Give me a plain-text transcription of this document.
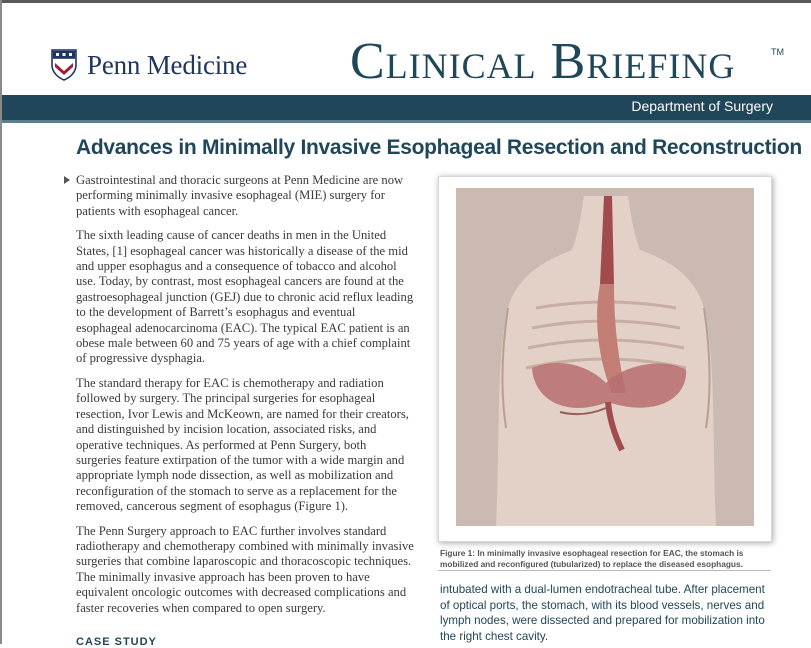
Penn Medicine Clinical Briefing	TM
Department of Surgery
Advances in Minimally Invasive Esophageal Resection and Reconstruction

Gastrointestinal and thoracic surgeons at Penn Medicine are now performing minimally invasive esophageal (MIE) surgery for patients with esophageal cancer.

The sixth leading cause of cancer deaths in men in the United States, [1] esophageal cancer was historically a disease of the mid and upper esophagus and a consequence of tobacco and alcohol use. Today, by contrast, most esophageal cancers are found at the gastroesophageal junction (GEJ) due to chronic acid reflux leading to the development of Barrett’s esophagus and eventual esophageal adenocarcinoma (EAC). The typical EAC patient is an obese male between 60 and 75 years of age with a chief complaint of progressive dysphagia.

The standard therapy for EAC is chemotherapy and radiation followed by surgery. The principal surgeries for esophageal resection, Ivor Lewis and McKeown, are named for their creators, and distinguished by incision location, associated risks, and operative techniques. As performed at Penn Surgery, both surgeries feature extirpation of the tumor with a wide margin and appropriate lymph node dissection, as well as mobilization and reconfiguration of the stomach to serve as a replacement for the removed, cancerous segment of esophagus (Figure 1).

The Penn Surgery approach to EAC further involves standard radiotherapy and chemotherapy combined with minimally invasive surgeries that combine laparoscopic and thoracoscopic techniques. The minimally invasive approach has been proven to have equivalent oncologic outcomes with decreased complications and faster recoveries when compared to open surgery.

CASE STUDY
Figure 1: In minimally invasive esophageal resection for EAC, the stomach is mobilized and reconfigured (tubularized) to replace the diseased esophagus.
intubated with a dual-lumen endotracheal tube. After placement of optical ports, the stomach, with its blood vessels, nerves and lymph nodes, were dissected and prepared for mobilization into the right chest cavity.
